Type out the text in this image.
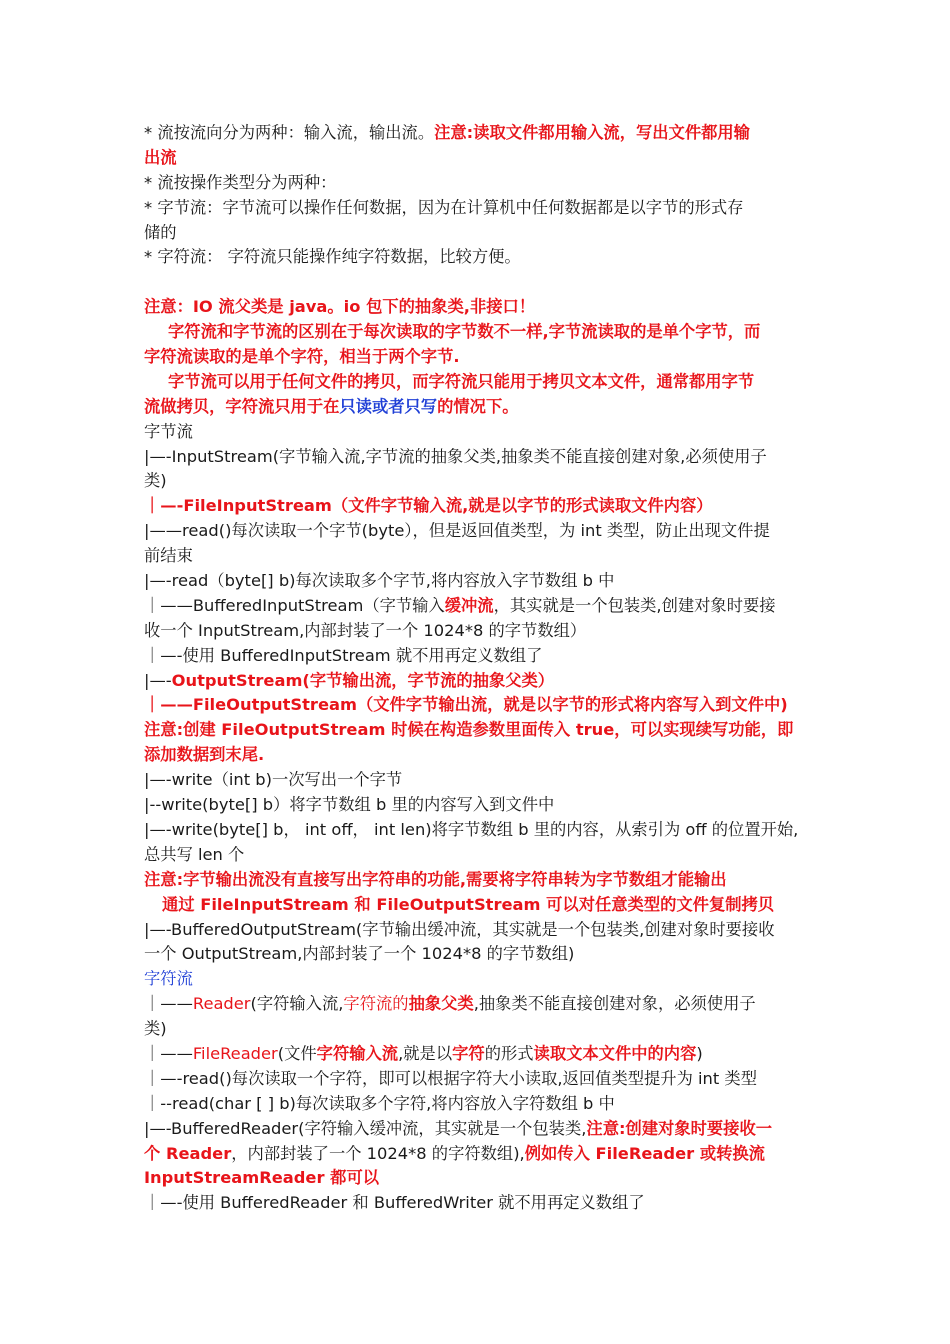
* 流按流向分为两种：输入流，输出流。注意:读取文件都用输入流，写出文件都用输
出流
* 流按操作类型分为两种：
* 字节流：字节流可以操作任何数据，因为在计算机中任何数据都是以字节的形式存
储的
* 字符流： 字符流只能操作纯字符数据，比较方便。
注意：IO 流父类是 java。io 包下的抽象类,非接口！
字符流和字节流的区别在于每次读取的字节数不一样,字节流读取的是单个字节，而
字符流读取的是单个字符，相当于两个字节.
字节流可以用于任何文件的拷贝，而字符流只能用于拷贝文本文件，通常都用字节
流做拷贝，字符流只用于在只读或者只写的情况下。
字节流
|—-InputStream(字节输入流,字节流的抽象父类,抽象类不能直接创建对象,必须使用子
类)
｜—-FileInputStream（文件字节输入流,就是以字节的形式读取文件内容）
|——read()每次读取一个字节(byte），但是返回值类型，为 int 类型，防止出现文件提
前结束
|—-read（byte[] b)每次读取多个字节,将内容放入字节数组 b 中
｜——BufferedInputStream（字节输入缓冲流，其实就是一个包装类,创建对象时要接
收一个 InputStream,内部封装了一个 1024*8 的字节数组）
｜—-使用 BufferedInputStream 就不用再定义数组了
|—-OutputStream(字节输出流，字节流的抽象父类）
｜——FileOutputStream（文件字节输出流，就是以字节的形式将内容写入到文件中)
注意:创建 FileOutputStream 时候在构造参数里面传入 true，可以实现续写功能，即
添加数据到末尾.
|—-write（int b)一次写出一个字节
|--write(byte[] b）将字节数组 b 里的内容写入到文件中
|—-write(byte[] b， int off， int len)将字节数组 b 里的内容，从索引为 off 的位置开始,
总共写 len 个
注意:字节输出流没有直接写出字符串的功能,需要将字符串转为字节数组才能输出
通过 FileInputStream 和 FileOutputStream 可以对任意类型的文件复制拷贝
|—-BufferedOutputStream(字节输出缓冲流，其实就是一个包装类,创建对象时要接收
一个 OutputStream,内部封装了一个 1024*8 的字节数组)
字符流
｜——Reader(字符输入流,字符流的抽象父类,抽象类不能直接创建对象，必须使用子
类)
｜——FileReader(文件字符输入流,就是以字符的形式读取文本文件中的内容)
｜—-read()每次读取一个字符，即可以根据字符大小读取,返回值类型提升为 int 类型
｜--read(char [ ] b)每次读取多个字符,将内容放入字符数组 b 中
|—-BufferedReader(字符输入缓冲流，其实就是一个包装类,注意:创建对象时要接收一
个 Reader，内部封装了一个 1024*8 的字符数组),例如传入 FileReader 或转换流
InputStreamReader 都可以
｜—-使用 BufferedReader 和 BufferedWriter 就不用再定义数组了
